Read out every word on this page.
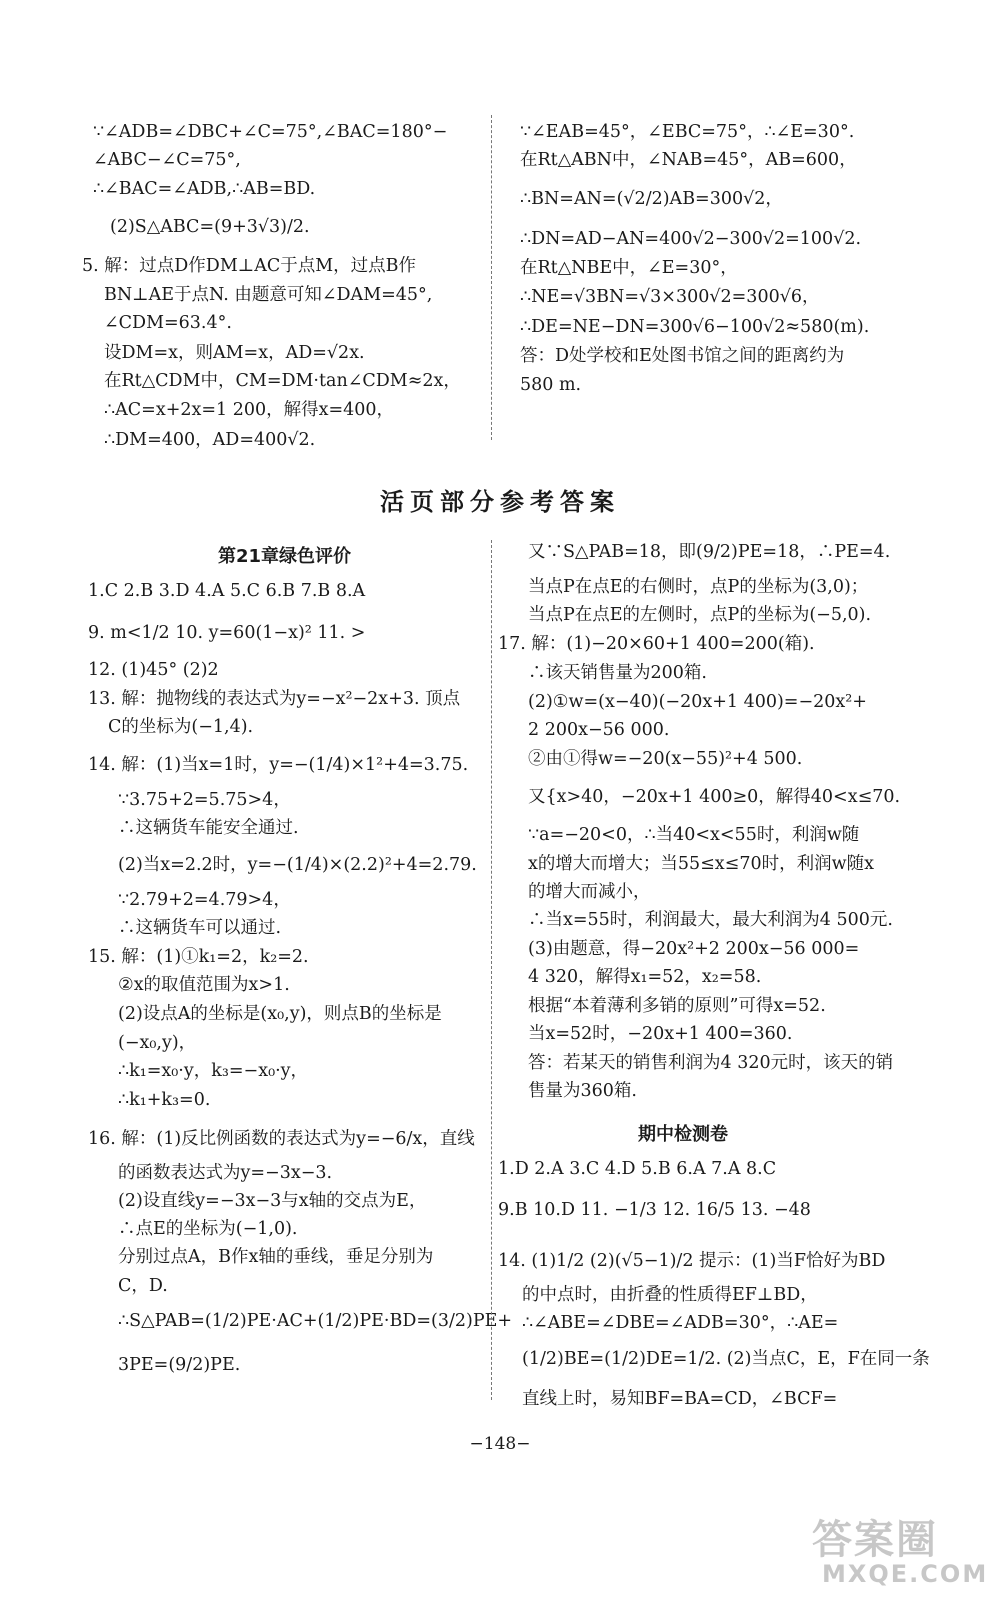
∵∠ADB=∠DBC+∠C=75°,∠BAC=180°−
∠ABC−∠C=75°,
∴∠BAC=∠ADB,∴AB=BD.
(2)S△ABC=(9+3√3)/2.
5. 解：过点D作DM⊥AC于点M，过点B作
BN⊥AE于点N. 由题意可知∠DAM=45°,
∠CDM=63.4°.
设DM=x，则AM=x，AD=√2x.
在Rt△CDM中，CM=DM·tan∠CDM≈2x，
∴AC=x+2x=1 200，解得x=400，
∴DM=400，AD=400√2.
∵∠EAB=45°，∠EBC=75°，∴∠E=30°.
在Rt△ABN中，∠NAB=45°，AB=600，
∴BN=AN=(√2/2)AB=300√2，
∴DN=AD−AN=400√2−300√2=100√2.
在Rt△NBE中，∠E=30°，
∴NE=√3BN=√3×300√2=300√6，
∴DE=NE−DN=300√6−100√2≈580(m).
答：D处学校和E处图书馆之间的距离约为
580 m.
活页部分参考答案
第21章绿色评价
1.C 2.B 3.D 4.A 5.C 6.B 7.B 8.A
9. m<1/2 10. y=60(1−x)² 11. >
12. (1)45° (2)2
13. 解：抛物线的表达式为y=−x²−2x+3. 顶点
C的坐标为(−1,4).
14. 解：(1)当x=1时，y=−(1/4)×1²+4=3.75.
∵3.75+2=5.75>4，
∴这辆货车能安全通过.
(2)当x=2.2时，y=−(1/4)×(2.2)²+4=2.79.
∵2.79+2=4.79>4，
∴这辆货车可以通过.
15. 解：(1)①k₁=2，k₂=2.
②x的取值范围为x>1.
(2)设点A的坐标是(x₀,y)，则点B的坐标是
(−x₀,y)，
∴k₁=x₀·y，k₃=−x₀·y，
∴k₁+k₃=0.
16. 解：(1)反比例函数的表达式为y=−6/x，直线
的函数表达式为y=−3x−3.
(2)设直线y=−3x−3与x轴的交点为E，
∴点E的坐标为(−1,0).
分别过点A，B作x轴的垂线，垂足分别为
C，D.
∴S△PAB=(1/2)PE·AC+(1/2)PE·BD=(3/2)PE+
3PE=(9/2)PE.
又∵S△PAB=18，即(9/2)PE=18，∴PE=4.
当点P在点E的右侧时，点P的坐标为(3,0)；
当点P在点E的左侧时，点P的坐标为(−5,0).
17. 解：(1)−20×60+1 400=200(箱).
∴该天销售量为200箱.
(2)①w=(x−40)(−20x+1 400)=−20x²+
2 200x−56 000.
②由①得w=−20(x−55)²+4 500.
又{x>40，−20x+1 400≥0，解得40<x≤70.
∵a=−20<0，∴当40<x<55时，利润w随
x的增大而增大；当55≤x≤70时，利润w随x
的增大而减小，
∴当x=55时，利润最大，最大利润为4 500元.
(3)由题意，得−20x²+2 200x−56 000=
4 320，解得x₁=52，x₂=58.
根据“本着薄利多销的原则”可得x=52.
当x=52时，−20x+1 400=360.
答：若某天的销售利润为4 320元时，该天的销
售量为360箱.
期中检测卷
1.D 2.A 3.C 4.D 5.B 6.A 7.A 8.C
9.B 10.D 11. −1/3 12. 16/5 13. −48
14. (1)1/2 (2)(√5−1)/2 提示：(1)当F恰好为BD
的中点时，由折叠的性质得EF⊥BD，
∴∠ABE=∠DBE=∠ADB=30°，∴AE=
(1/2)BE=(1/2)DE=1/2. (2)当点C，E，F在同一条
直线上时，易知BF=BA=CD，∠BCF=
−148−
答案圈
MXQE.COM
